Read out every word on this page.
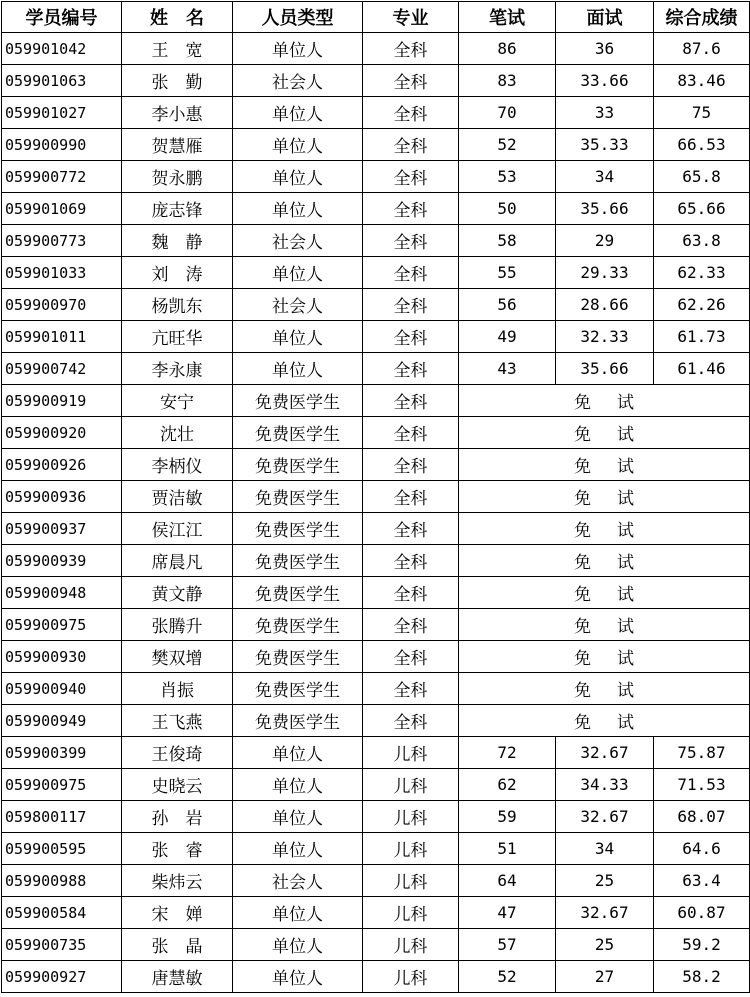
学员编号	姓　名	人员类型	专业	笔试	面试	综合成绩
059901042	王　宽	单位人	全科	86	36	87.6
059901063	张　勤	社会人	全科	83	33.66	83.46
059901027	李小惠	单位人	全科	70	33	75
059900990	贺慧雁	单位人	全科	52	35.33	66.53
059900772	贺永鹏	单位人	全科	53	34	65.8
059901069	庞志锋	单位人	全科	50	35.66	65.66
059900773	魏　静	社会人	全科	58	29	63.8
059901033	刘　涛	单位人	全科	55	29.33	62.33
059900970	杨凯东	社会人	全科	56	28.66	62.26
059901011	亢旺华	单位人	全科	49	32.33	61.73
059900742	李永康	单位人	全科	43	35.66	61.46
059900919	安宁	免费医学生	全科	免试		
059900920	沈壮	免费医学生	全科	免试		
059900926	李柄仪	免费医学生	全科	免试		
059900936	贾洁敏	免费医学生	全科	免试		
059900937	侯江江	免费医学生	全科	免试		
059900939	席晨凡	免费医学生	全科	免试		
059900948	黄文静	免费医学生	全科	免试		
059900975	张腾升	免费医学生	全科	免试		
059900930	樊双增	免费医学生	全科	免试		
059900940	肖振	免费医学生	全科	免试		
059900949	王飞燕	免费医学生	全科	免试		
059900399	王俊琦	单位人	儿科	72	32.67	75.87
059900975	史晓云	单位人	儿科	62	34.33	71.53
059800117	孙　岩	单位人	儿科	59	32.67	68.07
059900595	张　睿	单位人	儿科	51	34	64.6
059900988	柴炜云	社会人	儿科	64	25	63.4
059900584	宋　婵	单位人	儿科	47	32.67	60.87
059900735	张　晶	单位人	儿科	57	25	59.2
059900927	唐慧敏	单位人	儿科	52	27	58.2
